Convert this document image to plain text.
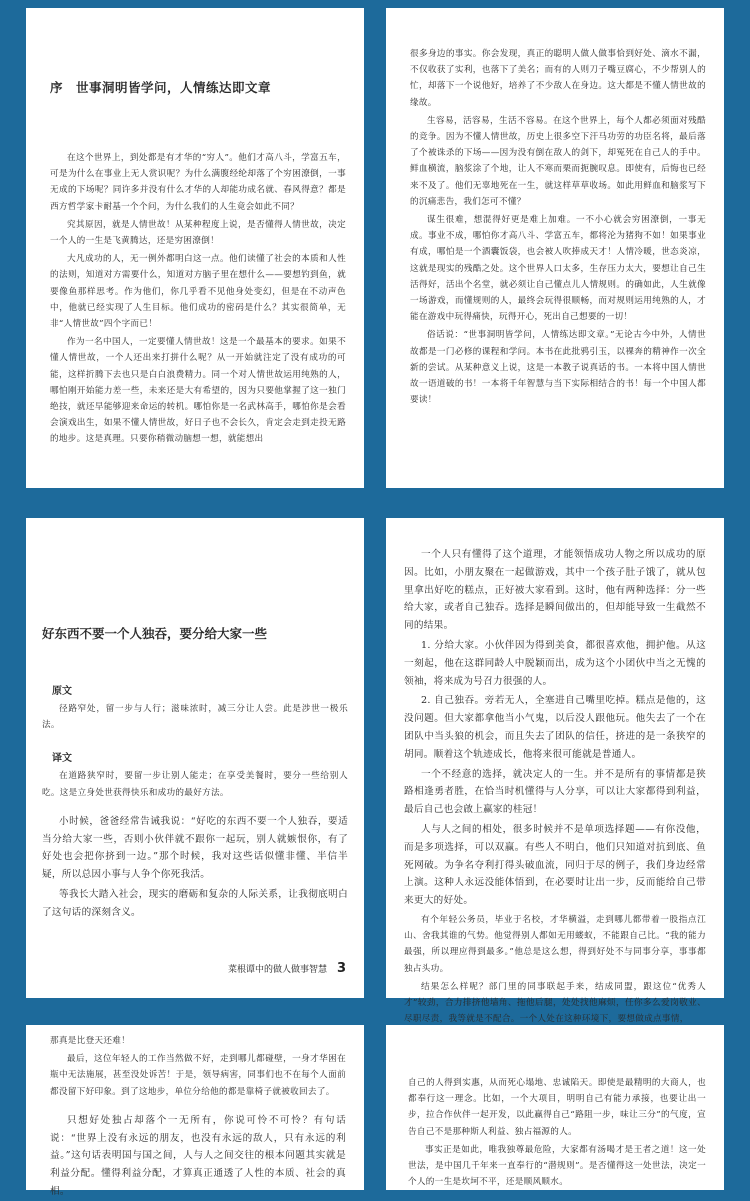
序　世事洞明皆学问，人情练达即文章

在这个世界上，到处都是有才华的“穷人”。他们才高八斗，学富五车，可是为什么在事业上无人赏识呢？为什么满腹经纶却落了个穷困潦倒，一事无成的下场呢？同许多并没有什么才华的人却能功成名就、春风得意？都是西方哲学家卡耐基一个个问，为什么我们的人生竟会如此不同？

究其原因，就是人情世故！从某种程度上说，是否懂得人情世故，决定一个人的一生是飞黄腾达，还是穷困潦倒！

大凡成功的人，无一例外都明白这一点。他们读懂了社会的本质和人性的法则，知道对方需要什么，知道对方脑子里在想什么——要想钓到鱼，就要像鱼那样思考。作为他们，你几乎看不见他身处变幻，但是在不动声色中，他就已经实现了人生目标。他们成功的密码是什么？其实很简单，无非“人情世故”四个字而已！

作为一名中国人，一定要懂人情世故！这是一个最基本的要求。如果不懂人情世故，一个人还出来打拼什么呢？从一开始就注定了没有成功的可能，这样折腾下去也只是白白浪费精力。同一个对人情世故运用纯熟的人，哪怕刚开始能力差一些，未来还是大有希望的，因为只要他掌握了这一独门绝技，就还早能够迎来命运的转机。哪怕你是一名武林高手，哪怕你是会看会演戏出生，如果不懂人情世故，好日子也不会长久，肯定会走到走投无路的地步。这是真理。只要你稍微动脑想一想，就能想出

很多身边的事实。你会发现，真正的聪明人做人做事恰到好处、滴水不漏，不仅收获了实利，也落下了美名；而有的人则刀子嘴豆腐心，不少帮别人的忙，却落下一个说他好，培养了不少敌人在身边。这大都是不懂人情世故的缘故。

生容易，活容易，生活不容易。在这个世界上，每个人都必须面对残酷的竞争。因为不懂人情世故，历史上很多空下汗马功劳的功臣名将，最后落了个被诛杀的下场——因为没有倒在敌人的剑下，却冤死在自己人的手中。鲜血横流，脑浆涂了个地，让人不寒而栗而扼腕叹息。即使有，后悔也已经来不及了。他们无辜地死在一生，就这样草草收场。如此用鲜血和脑浆写下的沉痛悲告，我们怎可不懂？

谋生很难，想混得好更是难上加难。一不小心就会穷困潦倒，一事无成。事业不成，哪怕你才高八斗、学富五车，都将沦为猪狗不如！如果事业有成，哪怕是一个酒囊饭袋，也会被人吹捧成天才！人情冷暖，世态炎凉，这就是现实的残酷之处。这个世界人口太多，生存压力太大，要想让自己生活得好，活出个名堂，就必须让自己懂点儿人情规则。的确如此，人生就像一场游戏，而懂规则的人，最终会玩得很顺畅，而对规则运用纯熟的人，才能在游戏中玩得痛快，玩得开心，死出自己想要的一切！

俗话说：“世事洞明皆学问，人情练达即文章。”无论古今中外，人情世故都是一门必修的课程和学问。本书在此批鸦引玉，以裸奔的精神作一次全新的尝试。从某种意义上说，这是一本教子说真话的书。一本将中国人情世故一语道破的书！一本将千年智慧与当下实际相结合的书！每一个中国人都要读！

好东西不要一个人独吞，要分给大家一些
原文

径路窄处，留一步与人行；滋味浓时，减三分让人尝。此是涉世一极乐法。

译文

在道路狭窄时，要留一步让别人能走；在享受美餐时，要分一些给别人吃。这是立身处世获得快乐和成功的最好方法。

小时候，爸爸经常告诫我说：“好吃的东西不要一个人独吞，要适当分给大家一些，否则小伙伴就不跟你一起玩，别人就嫉恨你，有了好处也会把你挤到一边。”那个时候，我对这些话似懂非懂、半信半疑，所以总因小事与人争个你死我活。

等我长大踏入社会，现实的磨砺和复杂的人际关系，让我彻底明白了这句话的深刻含义。

菜根谭中的做人做事智慧 3

一个人只有懂得了这个道理，才能领悟成功人物之所以成功的原因。比如，小朋友聚在一起做游戏，其中一个孩子肚子饿了，就从包里拿出好吃的糕点，正好被大家看到。这时，他有两种选择：分一些给大家，或者自己独吞。选择是瞬间做出的，但却能导致一生截然不同的结果。

1. 分给大家。小伙伴因为得到美食，都很喜欢他，拥护他。从这一刻起，他在这群同龄人中脱颖而出，成为这个小团伙中当之无愧的领袖，将来成为号召力很强的人。

2. 自己独吞。旁若无人，全塞进自己嘴里吃掉。糕点是他的，这没问题。但大家都拿他当小气鬼，以后没人跟他玩。他失去了一个在团队中当头狼的机会，而且失去了团队的信任，挤进的是一条狭窄的胡同。顺着这个轨迹成长，他将来很可能就是普通人。

一个不经意的选择，就决定人的一生。并不是所有的事情都是狭路相逢勇者胜，在恰当时机懂得与人分享，可以让大家都得到利益，最后自己也会啟上赢家的桂冠！

人与人之间的相处，很多时候并不是单项选择题——有你没他，而是多项选择，可以双赢。有些人不明白，他们只知道对抗到底、鱼死网破。为争名夺利打得头破血流，同归于尽的例子，我们身边经常上演。这种人永远没能体悟到，在必要时让出一步，反而能给自己带来更大的好处。

有个年轻公务员，毕业于名校，才华横溢，走到哪儿都带着一股指点江山、舍我其谁的气势。他觉得别人都如无用蝼蚁，不能跟自己比。“我的能力最强，所以理应得到最多。”他总是这么想，得到好处不与同事分享，事事都独占头功。

结果怎么样呢？部门里的同事联起手来，结成同盟，跟这位“优秀人才”较劲，合力排挤他墙角、拖他后腿，处处找他麻烦，任你多么爱岗敬业、尽职尽责，我等就是不配合。一个人处在这种环境下，要想做成点事情，

那真是比登天还难！

最后，这位年轻人的工作当然做不好，走到哪儿都碰壁，一身才华困在瓶中无法施展，甚至没处诉苦！于是，领导病害，同事们也不在每个人面前都没留下好印象。到了这地步，单位分给他的都是靠椅子就被收回去了。

只想好处独占却落个一无所有，你说可怜不可怜？有句话说：“世界上没有永远的朋友，也没有永远的敌人，只有永远的利益。”这句话表明国与国之间，人与人之间交往的根本问题其实就是利益分配。懂得利益分配，才算真正通透了人性的本质、社会的真相。

自己的人得到实惠，从而死心塌地、忠诚陷天。即使是最精明的大商人，也都奉行这一理念。比如，一个大项目，明明自己有能力承接，也要让出一步，拉合作伙伴一起开发，以此赢得自己“路阻一步，味让三分”的气度，宣告自己不是那种斯人利益、独占福源的人。

事实正是如此，唯我独尊最危险，大家都有汤喝才是王者之道！这一处世法，是中国几千年来一直奉行的“潜规则”。是否懂得这一处世法，决定一个人的一生是坎坷不平，还是顺风顺水。
